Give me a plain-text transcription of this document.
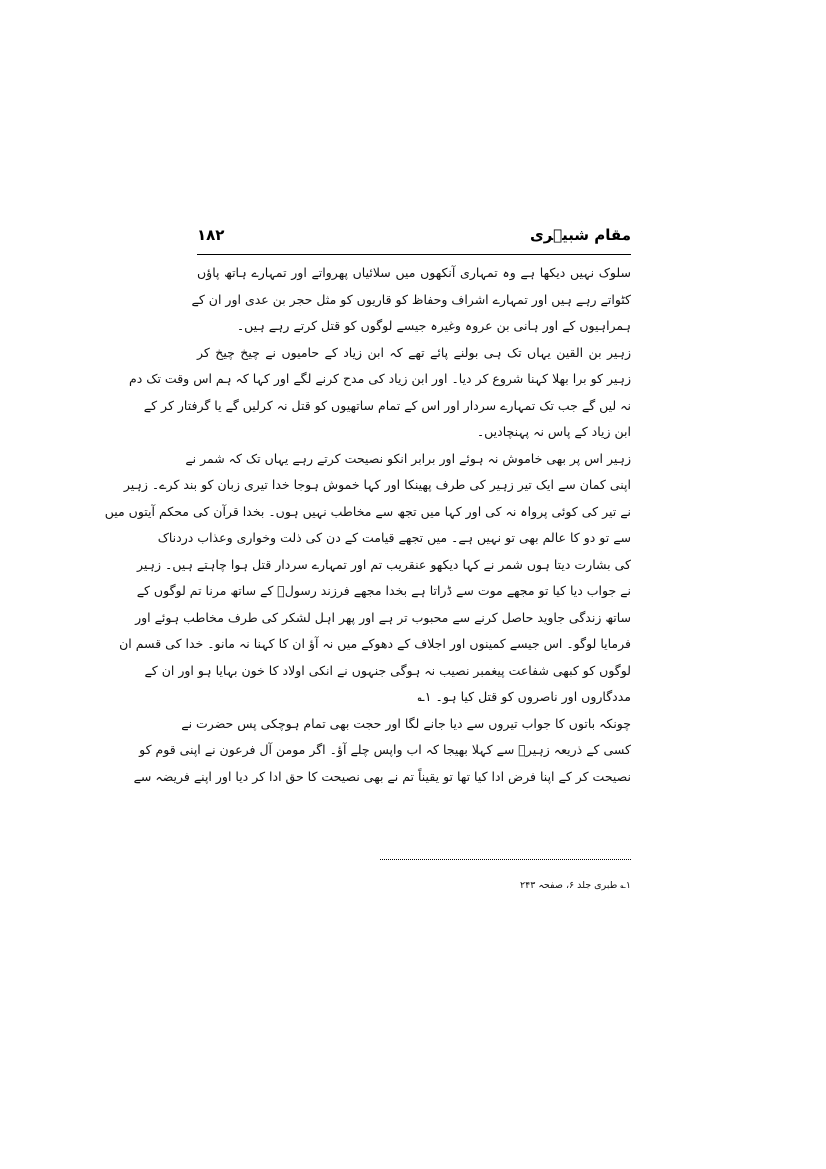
مقام شبیؑری
۱۸۲

سلوک نہیں دیکھا ہے وہ تمہاری آنکھوں میں سلائیاں پھرواتے اور تمہارے ہاتھ پاؤں
کٹواتے رہے ہیں اور تمہارے اشراف وحفاظ کو قاریوں کو مثل حجر بن عدی اور ان کے
ہمراہیوں کے اور ہانی بن عروہ وغیرہ جیسے لوگوں کو قتل کرتے رہے ہیں۔

زہیر بن القین یہاں تک ہی بولنے پائے تھے کہ ابن زیاد کے حامیوں نے چیخ چیخ کر
زہیر کو برا بھلا کہنا شروع کر دیا۔ اور ابن زیاد کی مدح کرنے لگے اور کہا کہ ہم اس وقت تک دم
نہ لیں گے جب تک تمہارے سردار اور اس کے تمام ساتھیوں کو قتل نہ کرلیں گے یا گرفتار کر کے
ابن زیاد کے پاس نہ پہنچادیں۔

زہیر اس پر بھی خاموش نہ ہوئے اور برابر انکو نصیحت کرتے رہے یہاں تک کہ شمر نے
اپنی کمان سے ایک تیر زہیر کی طرف پھینکا اور کہا خموش ہوجا خدا تیری زبان کو بند کرے۔ زہیر
نے تیر کی کوئی پرواہ نہ کی اور کہا میں تجھ سے مخاطب نہیں ہوں۔ بخدا قرآن کی محکم آیتوں میں
سے تو دو کا عالم بھی تو نہیں ہے۔ میں تجھے قیامت کے دن کی ذلت وخواری وعذاب دردناک
کی بشارت دیتا ہوں شمر نے کہا دیکھو عنقریب تم اور تمہارے سردار قتل ہوا چاہتے ہیں۔ زہیر
نے جواب دیا کیا تو مجھے موت سے ڈراتا ہے بخدا مجھے فرزند رسولؐ کے ساتھ مرنا تم لوگوں کے
ساتھ زندگی جاوید حاصل کرنے سے محبوب تر ہے اور پھر اہل لشکر کی طرف مخاطب ہوئے اور
فرمایا لوگو۔ اس جیسے کمینوں اور اجلاف کے دھوکے میں نہ آؤ ان کا کہنا نہ مانو۔ خدا کی قسم ان
لوگوں کو کبھی شفاعت پیغمبر نصیب نہ ہوگی جنہوں نے انکی اولاد کا خون بہایا ہو اور ان کے
مددگاروں اور ناصروں کو قتل کیا ہو۔ ۱؎

چونکہ باتوں کا جواب تیروں سے دیا جانے لگا اور حجت بھی تمام ہوچکی پس حضرت نے
کسی کے ذریعہ زہیرؓ سے کہلا بھیجا کہ اب واپس چلے آؤ۔ اگر مومن آل فرعون نے اپنی قوم کو
نصیحت کر کے اپنا فرض ادا کیا تھا تو یقیناً تم نے بھی نصیحت کا حق ادا کر دیا اور اپنے فریضہ سے

۱؎ طبری جلد ۶، صفحہ ۲۴۳
